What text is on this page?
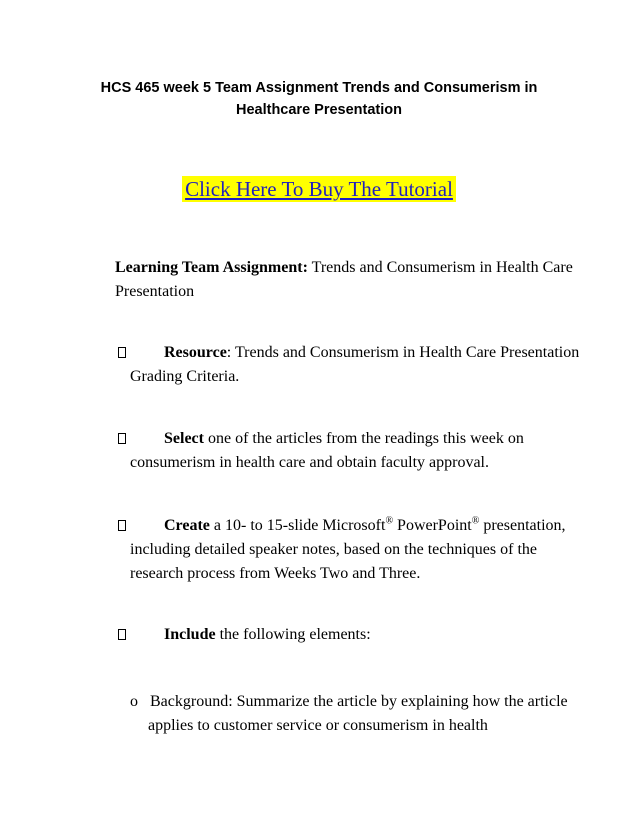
HCS 465 week 5 Team Assignment Trends and Consumerism in
Healthcare Presentation
Click Here To Buy The Tutorial
Learning Team Assignment: Trends and Consumerism in Health Care Presentation
Resource: Trends and Consumerism in Health Care Presentation Grading Criteria.
Select one of the articles from the readings this week on consumerism in health care and obtain faculty approval.
Create a 10- to 15-slide Microsoft® PowerPoint® presentation, including detailed speaker notes, based on the techniques of the research process from Weeks Two and Three.
Include the following elements:
o Background: Summarize the article by explaining how the article applies to customer service or consumerism in health
